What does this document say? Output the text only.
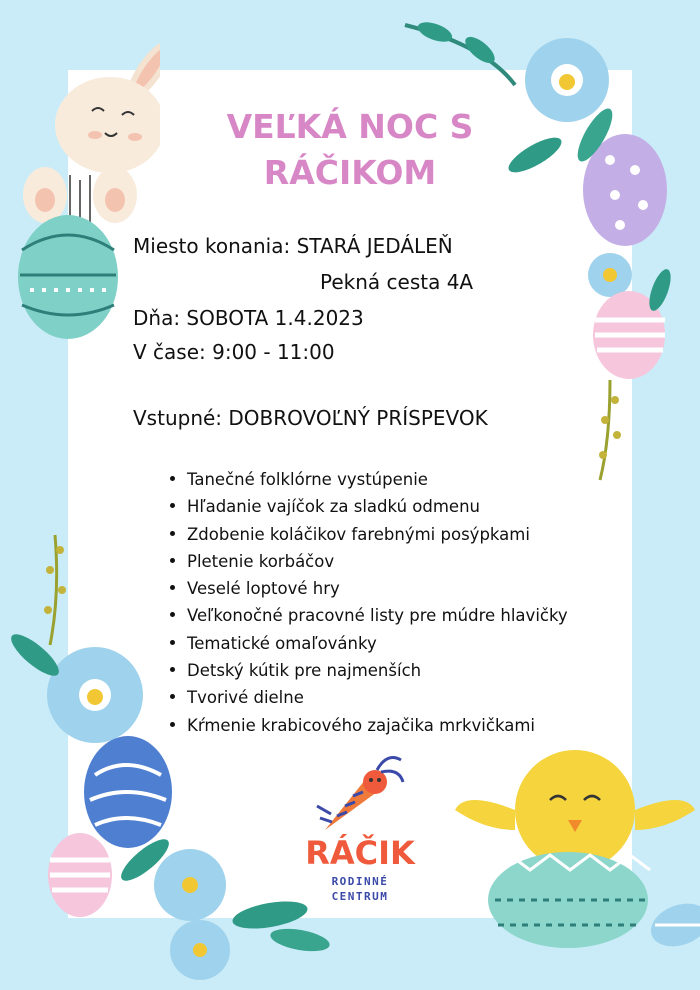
VEĽKÁ NOC S
RÁČIKOM
Miesto konania: STARÁ JEDÁLEŇ
Pekná cesta 4A
Dňa: SOBOTA 1.4.2023
V čase: 9:00 - 11:00
Vstupné: DOBROVOĽNÝ PRÍSPEVOK
Tanečné folklórne vystúpenie
Hľadanie vajíčok za sladkú odmenu
Zdobenie koláčikov farebnými posýpkami
Pletenie korbáčov
Veselé loptové hry
Veľkonočné pracovné listy pre múdre hlavičky
Tematické omaľovánky
Detský kútik pre najmenších
Tvorivé dielne
Kŕmenie krabicového zajačika mrkvičkami
RÁČIK
RODINNÉ
CENTRUM
